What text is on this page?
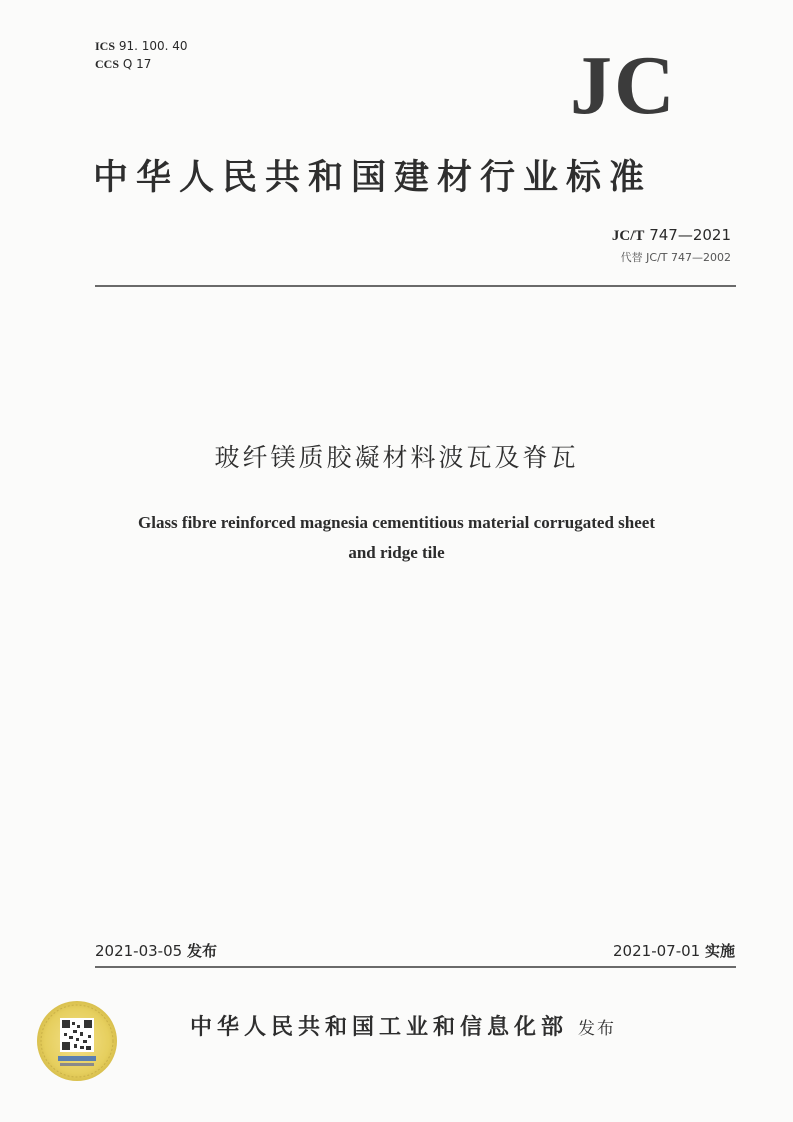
ICS 91. 100. 40
CCS Q 17	JC
中华人民共和国建材行业标准
JC/T 747—2021
代替 JC/T 747—2002
玻纤镁质胶凝材料波瓦及脊瓦
Glass fibre reinforced magnesia cementitious material corrugated sheet
and ridge tile
2021-03-05 发布	2021-07-01 实施
中华人民共和国工业和信息化部 发布
